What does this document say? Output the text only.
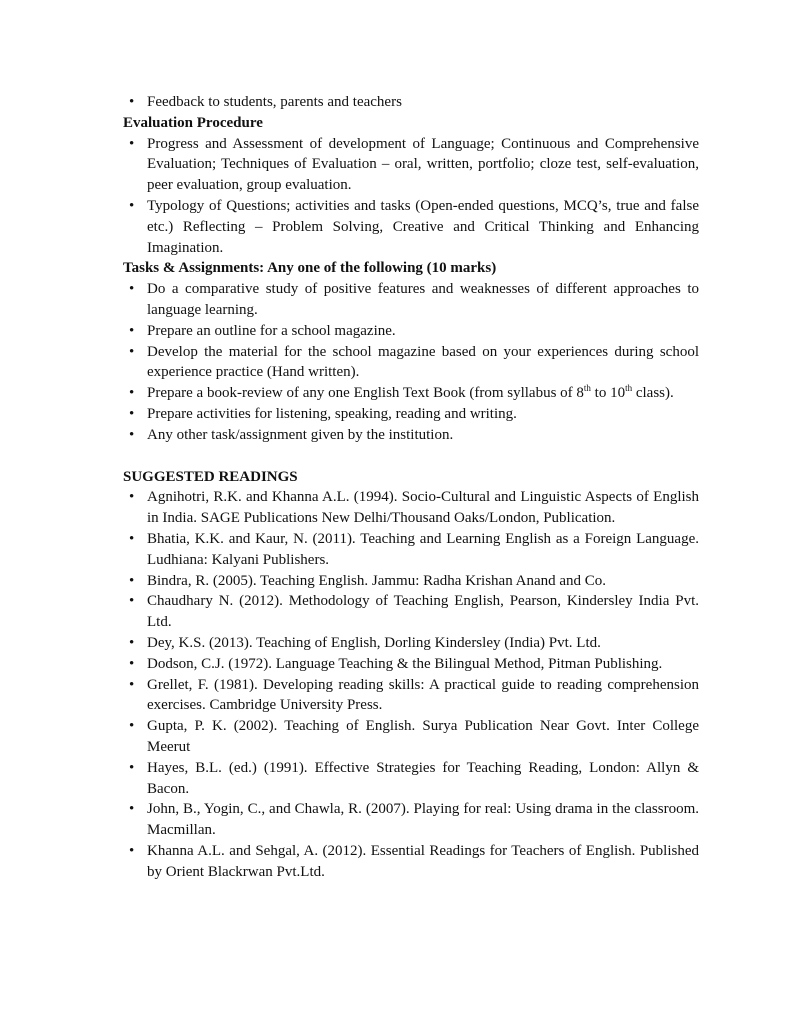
• Feedback to students, parents and teachers

Evaluation Procedure

• Progress and Assessment of development of Language; Continuous and Comprehensive Evaluation; Techniques of Evaluation – oral, written, portfolio; cloze test, self-evaluation, peer evaluation, group evaluation.
• Typology of Questions; activities and tasks (Open-ended questions, MCQ’s, true and false etc.) Reflecting – Problem Solving, Creative and Critical Thinking and Enhancing Imagination.

Tasks & Assignments: Any one of the following (10 marks)

• Do a comparative study of positive features and weaknesses of different approaches to language learning.
• Prepare an outline for a school magazine.
• Develop the material for the school magazine based on your experiences during school experience practice (Hand written).
• Prepare a book-review of any one English Text Book (from syllabus of 8th to 10th class).
• Prepare activities for listening, speaking, reading and writing.
• Any other task/assignment given by the institution.

SUGGESTED READINGS

• Agnihotri, R.K. and Khanna A.L. (1994). Socio-Cultural and Linguistic Aspects of English in India. SAGE Publications New Delhi/Thousand Oaks/London, Publication.
• Bhatia, K.K. and Kaur, N. (2011). Teaching and Learning English as a Foreign Language. Ludhiana: Kalyani Publishers.
• Bindra, R. (2005). Teaching English. Jammu: Radha Krishan Anand and Co.
• Chaudhary N. (2012). Methodology of Teaching English, Pearson, Kindersley India Pvt. Ltd.
• Dey, K.S. (2013). Teaching of English, Dorling Kindersley (India) Pvt. Ltd.
• Dodson, C.J. (1972). Language Teaching & the Bilingual Method, Pitman Publishing.
• Grellet, F. (1981). Developing reading skills: A practical guide to reading comprehension exercises. Cambridge University Press.
• Gupta, P. K. (2002). Teaching of English. Surya Publication Near Govt. Inter College Meerut
• Hayes, B.L. (ed.) (1991). Effective Strategies for Teaching Reading, London: Allyn & Bacon.
• John, B., Yogin, C., and Chawla, R. (2007). Playing for real: Using drama in the classroom. Macmillan.
• Khanna A.L. and Sehgal, A. (2012). Essential Readings for Teachers of English. Published by Orient Blackrwan Pvt.Ltd.
